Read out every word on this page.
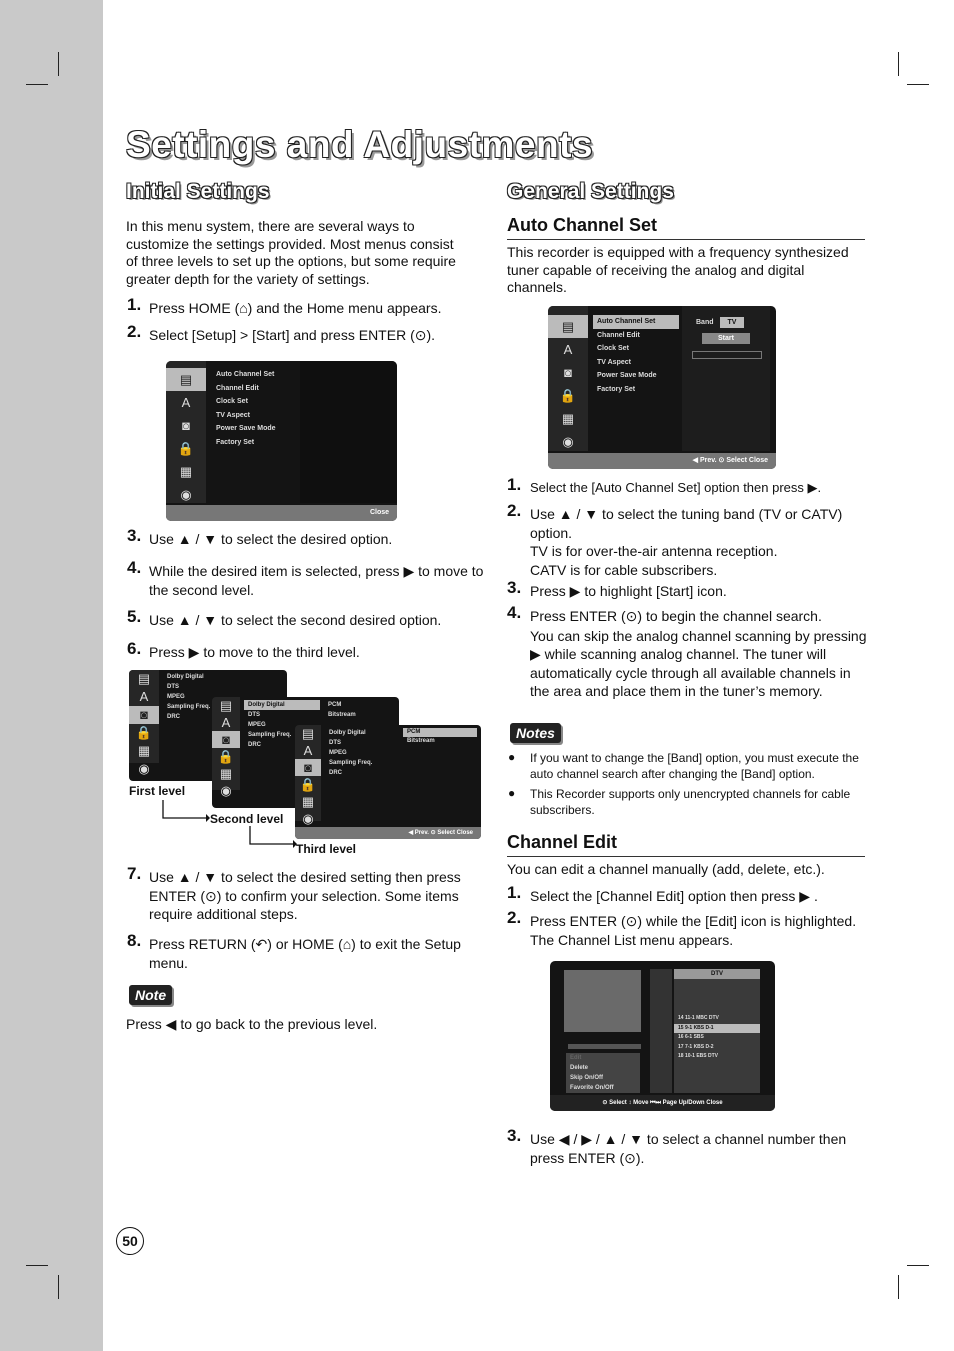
Settings and Adjustments
Initial Settings

In this menu system, there are several ways to customize the settings provided. Most menus consist of three levels to set up the options, but some require greater depth for the variety of settings.

1. Press HOME (⌂) and the Home menu appears.
2. Select [Setup] > [Start] and press ENTER (⊙).
▤
A
◙
🔒
▦
◉
Auto Channel Set
Channel Edit
Clock Set
TV Aspect
Power Save Mode
Factory Set
Close
3. Use ▲ / ▼ to select the desired option.
4. While the desired item is selected, press ▶ to move to the second level.
5. Use ▲ / ▼ to select the second desired option.
6. Press ▶ to move to the third level.
▤
A
◙
🔒
▦
◉
Dolby Digital
DTS
MPEG
Sampling Freq.
DRC
▤
A
◙
🔒
▦
◉
Dolby Digital
DTS
MPEG
Sampling Freq.
DRC
PCM
Bitstream
▤
A
◙
🔒
▦
◉
Dolby Digital
DTS
MPEG
Sampling Freq.
DRC
PCM
Bitstream
◀ Prev. ⊙ Select Close
First level
Second level
Third level
7. Use ▲ / ▼ to select the desired setting then press ENTER (⊙) to confirm your selection. Some items require additional steps.
8. Press RETURN (↶) or HOME (⌂) to exit the Setup menu.
Note

Press ◀ to go back to the previous level.

General Settings
Auto Channel Set

This recorder is equipped with a frequency synthesized tuner capable of receiving the analog and digital channels.

▤
A
◙
🔒
▦
◉
Auto Channel Set
Channel Edit
Clock Set
TV Aspect
Power Save Mode
Factory Set
Band	TV
Start
◀ Prev. ⊙ Select Close
1. Select the [Auto Channel Set] option then press ▶.
2. Use ▲ / ▼ to select the tuning band (TV or CATV) option.
TV is for over-the-air antenna reception.
CATV is for cable subscribers.
3. Press ▶ to highlight [Start] icon.
4. Press ENTER (⊙) to begin the channel search.
You can skip the analog channel scanning by pressing ▶ while scanning analog channel. The tuner will automatically cycle through all available channels in the area and place them in the tuner’s memory.
Notes
● If you want to change the [Band] option, you must execute the auto channel search after changing the [Band] option.
● This Recorder supports only unencrypted channels for cable subscribers.
Channel Edit

You can edit a channel manually (add, delete, etc.).

1. Select the [Channel Edit] option then press ▶ .
2. Press ENTER (⊙) while the [Edit] icon is highlighted. The Channel List menu appears.
Edit
Delete
Skip On/Off
Favorite On/Off
DTV
14 11-1 MBC DTV
15 9-1 KBS D-1
16 6-1 SBS
17 7-1 KBS D-2
18 10-1 EBS DTV
⊙ Select ↕ Move ⏮⏭ Page Up/Down Close
3. Use ◀ / ▶ / ▲ / ▼ to select a channel number then press ENTER (⊙).
50
